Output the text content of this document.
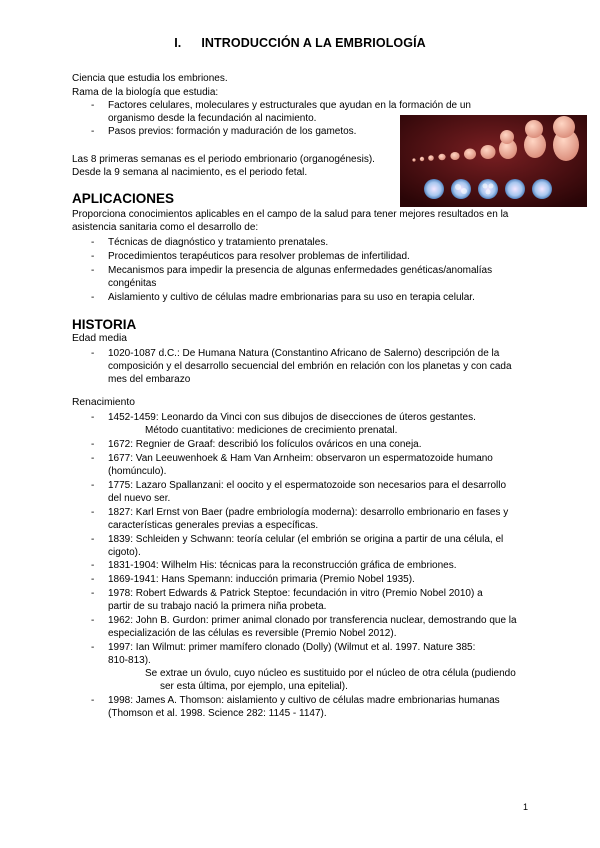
I. INTRODUCCIÓN A LA EMBRIOLOGÍA
Ciencia que estudia los embriones.
Rama de la biología que estudia:
- Factores celulares, moleculares y estructurales que ayudan en la formación de un
organismo desde la fecundación al nacimiento.
- Pasos previos: formación y maduración de los gametos.
Las 8 primeras semanas es el periodo embrionario (organogénesis).
Desde la 9 semana al nacimiento, es el periodo fetal.
APLICACIONES
Proporciona conocimientos aplicables en el campo de la salud para tener mejores resultados en la
asistencia sanitaria como el desarrollo de:
- Técnicas de diagnóstico y tratamiento prenatales.
- Procedimientos terapéuticos para resolver problemas de infertilidad.
- Mecanismos para impedir la presencia de algunas enfermedades genéticas/anomalías
congénitas
- Aislamiento y cultivo de células madre embrionarias para su uso en terapia celular.
HISTORIA
Edad media
- 1020-1087 d.C.: De Humana Natura (Constantino Africano de Salerno) descripción de la
composición y el desarrollo secuencial del embrión en relación con los planetas y con cada
mes del embarazo
Renacimiento
- 1452-1459: Leonardo da Vinci con sus dibujos de disecciones de úteros gestantes.
Método cuantitativo: mediciones de crecimiento prenatal.
- 1672: Regnier de Graaf: describió los folículos ováricos en una coneja.
- 1677: Van Leeuwenhoek & Ham Van Arnheim: observaron un espermatozoide humano
(homúnculo).
- 1775: Lazaro Spallanzani: el oocito y el espermatozoide son necesarios para el desarrollo
del nuevo ser.
- 1827: Karl Ernst von Baer (padre embriología moderna): desarrollo embrionario en fases y
características generales previas a específicas.
- 1839: Schleiden y Schwann: teoría celular (el embrión se origina a partir de una célula, el
cigoto).
- 1831-1904: Wilhelm His: técnicas para la reconstrucción gráfica de embriones.
- 1869-1941: Hans Spemann: inducción primaria (Premio Nobel 1935).
- 1978: Robert Edwards & Patrick Steptoe: fecundación in vitro (Premio Nobel 2010) a
partir de su trabajo nació la primera niña probeta.
- 1962: John B. Gurdon: primer animal clonado por transferencia nuclear, demostrando que la
especialización de las células es reversible (Premio Nobel 2012).
- 1997: Ian Wilmut: primer mamífero clonado (Dolly) (Wilmut et al. 1997. Nature 385:
810-813).
Se extrae un óvulo, cuyo núcleo es sustituido por el núcleo de otra célula (pudiendo
ser esta última, por ejemplo, una epitelial).
- 1998: James A. Thomson: aislamiento y cultivo de células madre embrionarias humanas
(Thomson et al. 1998. Science 282: 1145 - 1147).
1
